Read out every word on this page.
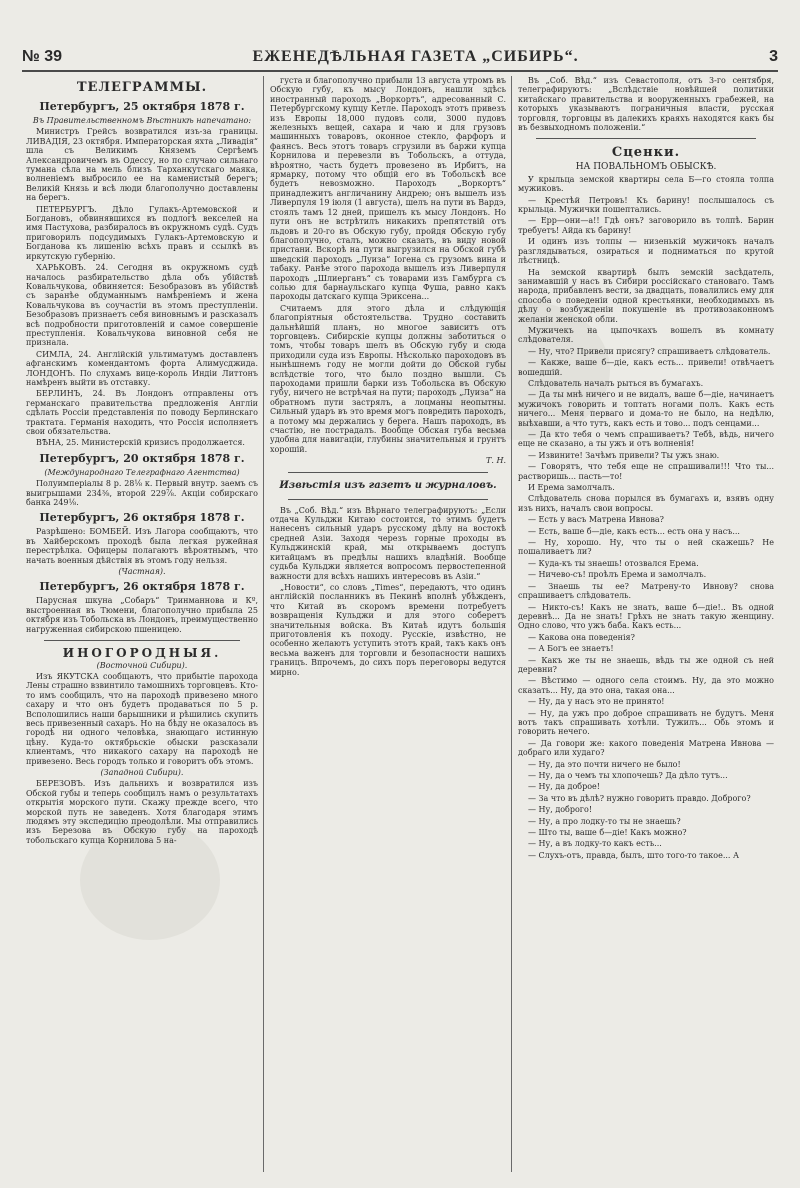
№ 39	ЕЖЕНЕДѢЛЬНАЯ ГАЗЕТА „СИБИРЬ“.	3
ТЕЛЕГРАММЫ.
Петербургъ, 25 октября 1878 г.
Въ Правительственномъ Вѣстникѣ напечатано:

Министръ Грейсъ возвратился изъ-за границы. ЛИВАДІЯ, 23 октября. Императорская яхта „Ливадія“ шла съ Великимъ Княземъ Сергѣемъ Александровичемъ въ Одессу, но по случаю сильнаго тумана сѣла на мель близъ Тарханкутскаго маяка, волненіемъ выбросило ее на каменистый берегъ; Великій Князь и всѣ люди благополучно доставлены на берегъ.

ПЕТЕРБУРГЪ. Дѣло Гулакъ-Артемовской и Богдановъ, обвинявшихся въ подлогѣ векселей на имя Пастухова, разбиралось въ окружномъ судѣ. Судъ приговорилъ подсудимыхъ Гулакъ-Артемовскую и Богданова къ лишенію всѣхъ правъ и ссылкѣ въ иркутскую губернію.

ХАРЬКОВЪ. 24. Сегодня въ окружномъ судѣ началось разбирательство дѣла объ убійствѣ Ковальчукова, обвиняется: Безобразовъ въ убійствѣ съ заранѣе обдуманнымъ намѣреніемъ и жена Ковальчукова въ соучастіи въ этомъ преступленіи. Безобразовъ признаетъ себя виновнымъ и разсказалъ всѣ подробности приготовленій и самое совершеніе преступленія. Ковальчукова виновной себя не признала.

СИМЛА, 24. Англійскій ультиматумъ доставленъ афганскимъ комендантомъ форта Алимусджида. ЛОНДОНЪ. По слухамъ вице-король Индіи Литтонъ намѣренъ выйти въ отставку.

БЕРЛИНЪ, 24. Въ Лондонъ отправлены отъ германскаго правительства предложенія Англіи сдѣлать Россіи представленія по поводу Берлинскаго трактата. Германія находить, что Россія исполняетъ свои обязательства.

ВѢНА, 25. Министерскій кризисъ продолжается.

Петербургъ, 20 октября 1878 г.
(Международнаго Телеграфнаго Агентства)

Полуимперіалы 8 р. 28⅛ к. Первый внутр. заемъ съ выигрышами 234⅜, второй 229⅞. Акціи собирскаго банка 249⅛.

Петербургъ, 26 октября 1878 г.

Разрѣшено: БОМБЕЙ. Изъ Лагора сообщаютъ, что въ Хайберскомъ проходѣ была легкая ружейная перестрѣлка. Офицеры полагаютъ вѣроятнымъ, что начать военныя дѣйствія въ этомъ году нельзя.

(Частная).
Петербургъ, 26 октября 1878 г.

Парусная шкуна „Собаръ“ Тринманнова и Кº, выстроенная въ Тюмени, благополучно прибыла 25 октября изъ Тобольска въ Лондонъ, преимущественно нагруженная сибирскою пшеницею.

ИНОГОРОДНЫЯ.
(Восточной Сибири).

Изъ ЯКУТСКА сообщаютъ, что прибытіе парохода Лены страшно взвинтило тамошнихъ торговцевъ. Кто-то имъ сообщилъ, что на пароходѣ привезено много сахару и что онъ будетъ продаваться по 5 р. Всполошились наши барышники и рѣшились скупить весь привезенный сахаръ. Но на бѣду не оказалось въ городѣ ни одного человѣка, знающаго истинную цѣну. Куда-то октябрьскіе обыски разсказали клиентамъ, что никакого сахару на пароходѣ не привезено. Весь городъ только и говоритъ объ этомъ.

(Западной Сибири).

БЕРЕЗОВЪ. Изъ дальнихъ и возвратился изъ Обской губы и теперь сообщилъ намъ о результатахъ открытія морского пути. Скажу прежде всего, что морской путь не заведенъ. Хотя благодаря этимъ людямъ эту экспедицію преодолѣли. Мы отправились изъ Березова въ Обскую губу на пароходѣ тобольскаго купца Корнилова 5 на-

густа и благополучно прибыли 13 августа утромъ въ Обскую губу, къ мысу Лондонъ, нашли здѣсь иностранный пароходъ „Воркортъ“, адресованный С. Петербургскому купцу Кетле. Пароходъ этотъ привезъ изъ Европы 18,000 пудовъ соли, 3000 пудовъ железныхъ вещей, сахара и чаю и для грузовъ машинныхъ товаровъ, оконное стекло, фарфоръ и фаянсъ. Весь этотъ товаръ сгрузили въ баржи купца Корнилова и перевезли въ Тобольскъ, а оттуда, вѣроятно, часть будетъ провезено въ Ирбитъ, на ярмарку, потому что общій его въ Тобольскѣ все будетъ невозможно. Пароходъ „Воркортъ“ принадлежитъ англичанину Андрею; онъ вышелъ изъ Ливерпуля 19 іюля (1 августа), шелъ на пути въ Вардэ, стоялъ тамъ 12 дней, пришелъ къ мысу Лондонъ. Но пути онъ не встрѣтилъ никакихъ препятствій отъ льдовъ и 20-го въ Обскую губу, пройдя Обскую губу благополучно, сталъ, можно сказать, въ виду новой пристани. Вскорѣ на пути выгрузился на Обской губѣ шведскій пароходъ „Луиза“ Іогена съ грузомъ вина и табаку. Ранѣе этого парохода вышелъ изъ Ливерпуля пароходъ „Шлиерганъ“ съ товарами изъ Гамбурга съ солью для барнаульскаго купца Фуша, равно какъ пароходы датскаго купца Эриксена...

Считаемъ для этого дѣла и слѣдующія благопріятныя обстоятельства. Трудно составить дальнѣйшій планъ, но многое зависитъ отъ торговцевъ. Сибирскіе купцы должны заботиться о томъ, чтобы товаръ шелъ въ Обскую губу и сюда приходили суда изъ Европы. Нѣсколько пароходовъ въ нынѣшнемъ году не могли дойти до Обской губы вслѣдствіе того, что было поздно вышли. Съ пароходами пришли барки изъ Тобольска въ Обскую губу, ничего не встрѣчая на пути; пароходъ „Луиза“ на обратномъ пути застрялъ, а лоцманы неопытны. Сильный ударъ въ это время могъ повредить пароходъ, а потому мы держались у берега. Нашъ пароходъ, въ счастію, не пострадалъ. Вообще Обская губа весьма удобна для навигаціи, глубины значительныя и грунтъ хорошій.

Т. Н.
Извѣстія изъ газетъ и журналовъ.

Въ „Соб. Вѣд.“ изъ Вѣрнаго телеграфируютъ: „Если отдача Кульджи Китаю состоится, то этимъ будетъ нанесенъ сильный ударъ русскому дѣлу на востокѣ средней Азіи. Заходя черезъ горные проходы въ Кульджинскій край, мы открываемъ доступъ китайцамъ въ предѣлы нашихъ владѣній. Вообще судьба Кульджи является вопросомъ первостепенной важности для всѣхъ нашихъ интересовъ въ Азіи.“

„Новости“, со словъ „Times“, передаютъ, что одинъ англійскій посланникъ въ Пекинѣ вполнѣ убѣжденъ, что Китай въ скоромъ времени потребуетъ возвращенія Кульджи и для этого соберетъ значительныя войска. Въ Китаѣ идутъ большія приготовленія къ походу. Русскіе, извѣстно, не особенно желаютъ уступить этотъ край, такъ какъ онъ весьма важенъ для торговли и безопасности нашихъ границъ. Впрочемъ, до сихъ поръ переговоры ведутся мирно.

Въ „Соб. Вѣд.“ изъ Севастополя, отъ 3-го сентября, телеграфируютъ: „Вслѣдствіе новѣйшей политики китайскаго правительства и вооруженныхъ грабежей, на которыхъ указываютъ пограничныя власти, русская торговля, торговцы въ далекихъ краяхъ находятся какъ бы въ безвыходномъ положеніи.“

Сценки.
НА ПОВАЛЬНОМЪ ОБЫСКѢ.

У крыльца земской квартиры села Б—го стояла толпа мужиковъ.

— Крестѣй Петровъ! Къ барину! послышалось съ крыльца. Мужички пошептались.

— Ерр—они—а!! Гдѣ онъ? заговорило въ толпѣ. Барин требуетъ! Айда къ барину!

И одинъ изъ толпы — низенькій мужичокъ началъ разглядываться, озираться и подниматься по крутой лѣстницѣ.

На земской квартирѣ былъ земскій засѣдатель, занимавшій у насъ въ Сибири россійскаго становаго. Тамъ народа, прибавленъ вести, за двадцать, повалились ему для способа о поведеніи одной крестьянки, необходимыхъ въ дѣлу о возбужденіи покушеніе въ противозаконномъ желаніи женской обли.

Мужичекъ на цыпочкахъ вошелъ въ комнату слѣдователя.

— Ну, что? Привели присягу? спрашиваетъ слѣдователь.

— Какже, ваше б—діе, какъ есть... привели! отвѣчаетъ вошедшій.

Слѣдователь началъ рыться въ бумагахъ.

— Да ты мнѣ ничего и не видалъ, ваше б—діе, начинаетъ мужичокъ говорить и топтать ногами полъ. Какъ есть ничего... Меня перваго и дома-то не было, на недѣлю, выѣхавши, а что тутъ, какъ есть и тово... подъ сенцами...

— Да кто тебя о чемъ спрашиваетъ? Тебѣ, вѣдь, ничего еще не сказано, а ты ужъ и отъ волненія!

— Извините! Зачѣмъ привели? Ты ужъ знаю.

— Говорятъ, что тебя еще не спрашивали!!! Что ты... растворишь... пасть—то!

И Ерема замолчалъ.

Слѣдователь снова порылся въ бумагахъ и, взявъ одну изъ нихъ, началъ свои вопросы.

— Есть у васъ Матрена Ивнова?

— Есть, ваше б—діе, какъ есть... есть она у насъ...

— Ну, хорошо. Ну, что ты о ней скажешь? Не пошаливаетъ ли?

— Куда-къ ты знаешь! отозвался Ерема.

— Ничево-съ! проѣлъ Ерема и замолчалъ.

— Знаешь ты ее? Матрену-то Ивнову? снова спрашиваетъ слѣдователь.

— Никто-съ! Какъ не знать, ваше б—діе!.. Въ одной деревнѣ... Да не знать! Грѣхъ не знать такую женщину. Одно слово, что ужъ баба. Какъ есть...

— Какова она поведенія?

— А Богъ ее знаетъ!

— Какъ же ты не знаешь, вѣдь ты же одной съ ней деревни?

— Вѣстимо — одного села стоимъ. Ну, да это можно сказать... Ну, да это она, такая она...

— Ну, да у насъ это не принято!

— Ну, да ужъ про доброе спрашивать не будутъ. Меня вотъ такъ спрашивать хотѣли. Тужилъ... Обь этомъ и говорить нечего.

— Да говори же: какого поведенія Матрена Ивнова — добраго или худаго?

— Ну, да это почти ничего не было!

— Ну, да о чемъ ты хлопочешь? Да дѣло тутъ...

— Ну, да доброе!

— За что въ дѣлѣ? нужно говорить правдо. Доброго?

— Ну, доброго!

— Ну, а про лодку-то ты не знаешь?

— Што ты, ваше б—діе! Какъ можно?

— Ну, а въ лодку-то какъ есть...

— Слухъ-отъ, правда, былъ, што того-то такое... А
